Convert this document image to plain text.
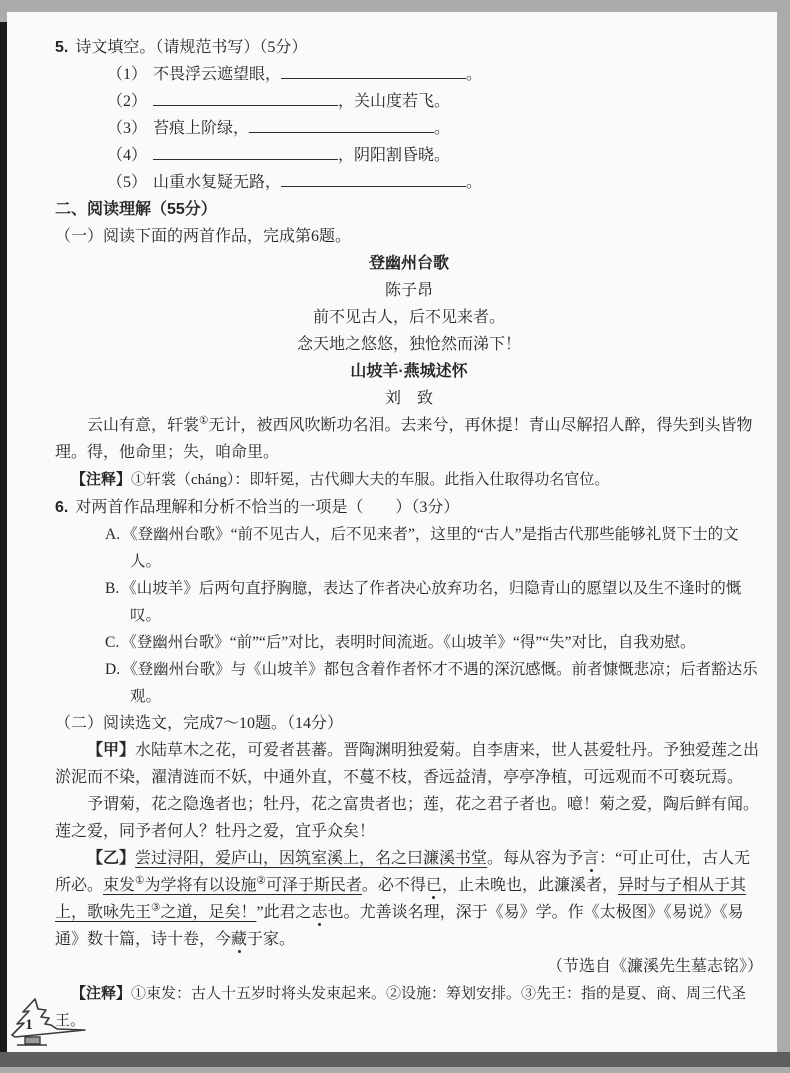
5. 诗文填空。（请规范书写）（5分）
（1） 不畏浮云遮望眼，	。
（2）	，关山度若飞。
（3） 苔痕上阶绿，	。
（4）	，阴阳割昏晓。
（5） 山重水复疑无路，	。
二、阅读理解（55分）
（一）阅读下面的两首作品，完成第6题。
登幽州台歌
陈子昂
前不见古人，后不见来者。
念天地之悠悠，独怆然而涕下！
山坡羊·燕城述怀
刘　致
云山有意，轩裳①无计，被西风吹断功名泪。去来兮，再休提！青山尽解招人醉，得失到头皆物理。得，他命里；失，咱命里。
【注释】①轩裳（cháng）：即轩冕，古代卿大夫的车服。此指入仕取得功名官位。
6. 对两首作品理解和分析不恰当的一项是（　　）（3分）
A. 《登幽州台歌》“前不见古人，后不见来者”，这里的“古人”是指古代那些能够礼贤下士的文人。
B. 《山坡羊》后两句直抒胸臆，表达了作者决心放弃功名，归隐青山的愿望以及生不逢时的慨叹。
C. 《登幽州台歌》“前”“后”对比，表明时间流逝。《山坡羊》“得”“失”对比，自我劝慰。
D. 《登幽州台歌》与《山坡羊》都包含着作者怀才不遇的深沉感慨。前者慷慨悲凉；后者豁达乐观。
（二）阅读选文，完成7～10题。（14分）
【甲】水陆草木之花，可爱者甚蕃。晋陶渊明独爱菊。自李唐来，世人甚爱牡丹。予独爱莲之出淤泥而不染，濯清涟而不妖，中通外直，不蔓不枝，香远益清，亭亭净植，可远观而不可亵玩焉。
予谓菊，花之隐逸者也；牡丹，花之富贵者也；莲，花之君子者也。噫！菊之爱，陶后鲜有闻。莲之爱，同予者何人？牡丹之爱，宜乎众矣！
【乙】尝过浔阳，爱庐山，因筑室溪上，名之曰濂溪书堂。每从容为予言：“可止可仕，古人无所必。束发①为学将有以设施②可泽于斯民者。必不得已，止未晚也，此濂溪者，异时与子相从于其上，歌咏先王③之道，足矣！”此君之志也。尤善谈名理，深于《易》学。作《太极图》《易说》《易通》数十篇，诗十卷，今藏于家。
（节选自《濂溪先生墓志铭》）
【注释】①束发：古人十五岁时将头发束起来。②设施：筹划安排。③先王：指的是夏、商、周三代圣王。
1
